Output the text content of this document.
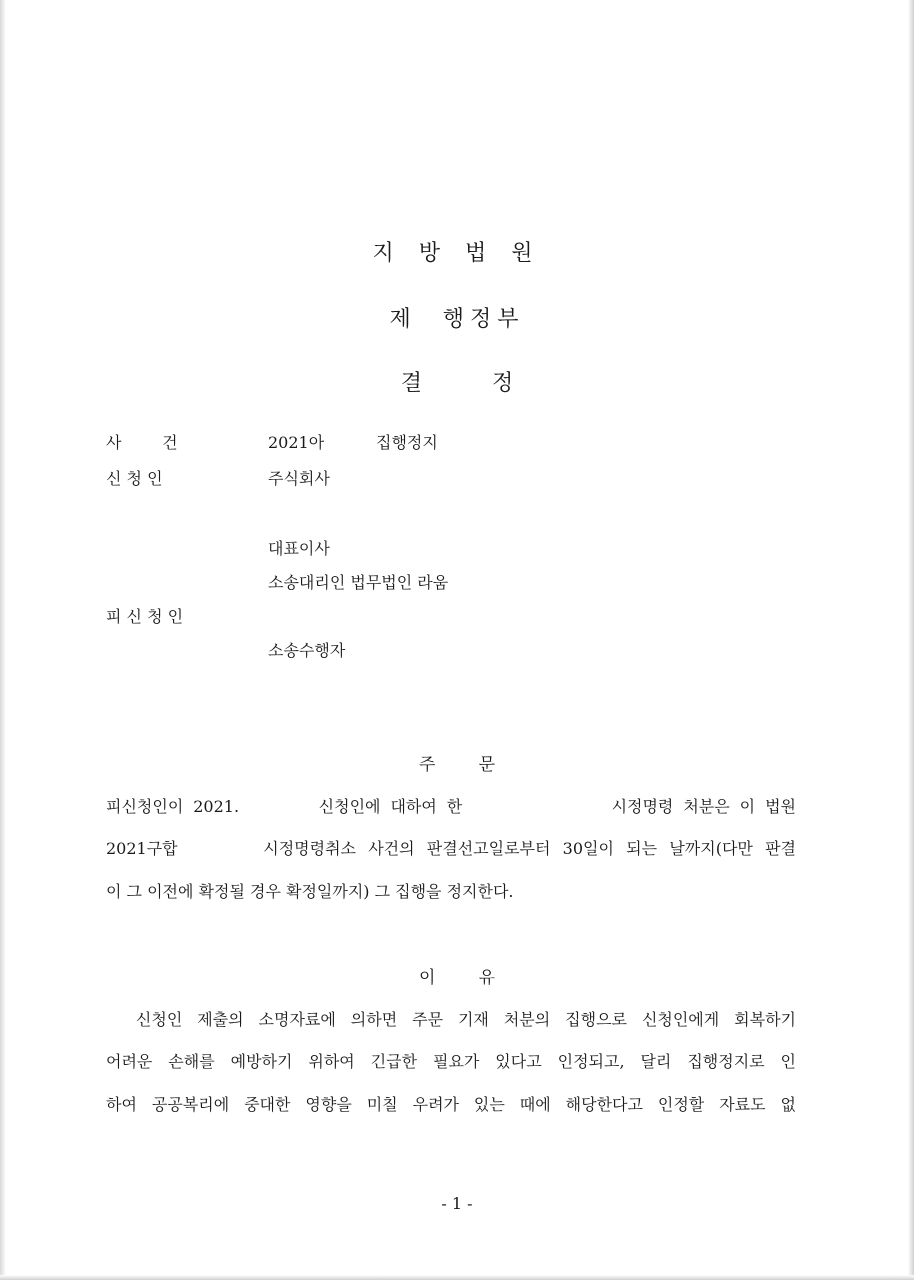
지 방 법 원
제  행정부
결          정
사        건	2021아	집행정지
신 청 인	주식회사
대표이사
소송대리인 법무법인 라움
피 신 청 인
소송수행자
주        문
피신청인이 2021.        신청인에 대하여 한               시정명령 처분은 이 법원
2021구합       시정명령취소 사건의 판결선고일로부터 30일이 되는 날까지(다만 판결
이 그 이전에 확정될 경우 확정일까지) 그 집행을 정지한다.
이        유
신청인 제출의 소명자료에 의하면 주문 기재 처분의 집행으로 신청인에게 회복하기
어려운 손해를 예방하기 위하여 긴급한 필요가 있다고 인정되고, 달리 집행정지로 인
하여 공공복리에 중대한 영향을 미칠 우려가 있는 때에 해당한다고 인정할 자료도 없
- 1 -
